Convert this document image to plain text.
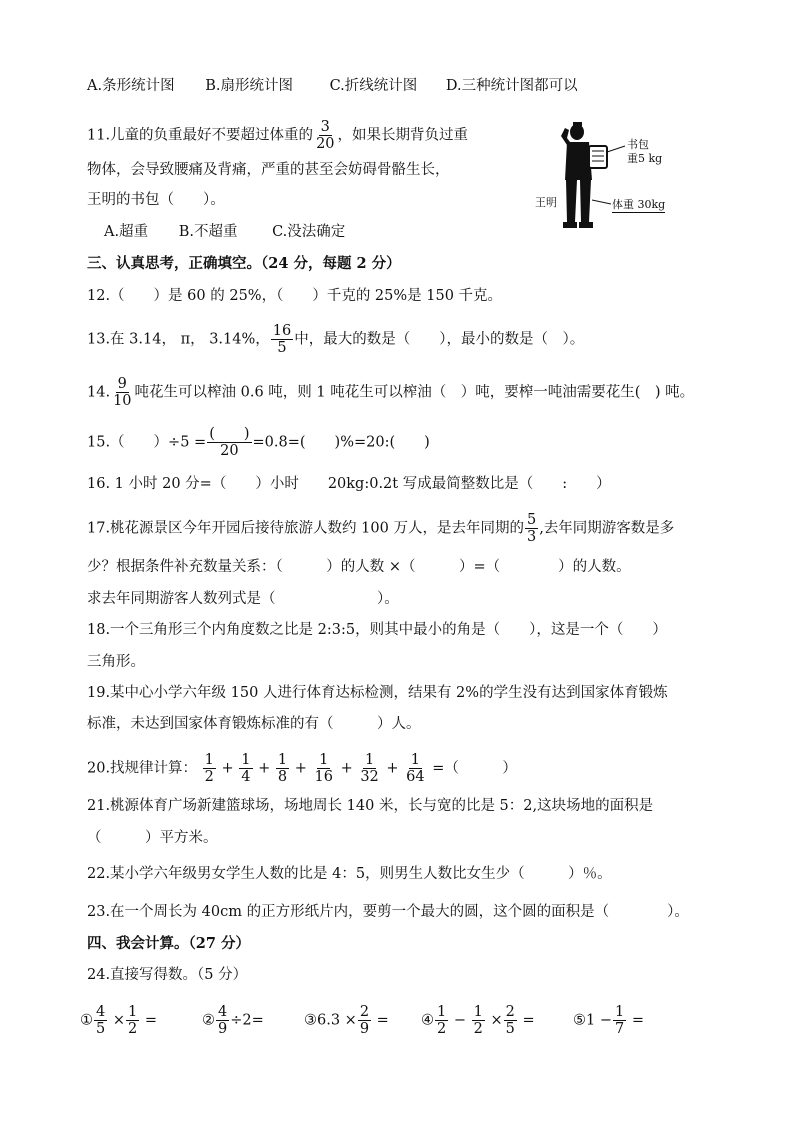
A.条形统计图 B.扇形统计图	C.折线统计图 D.三种统计图都可以
11.儿童的负重最好不要超过体重的 $\frac{3}{20}$ ，如果长期背负过重
物体，会导致腰痛及背痛，严重的甚至会妨碍骨骼生长，
王明的书包（　　）。
A.超重 B.不超重 C.没法确定
书包
重5 kg
王明	体重 30kg
三、认真思考，正确填空。（24 分，每题 2 分）
12.（　　）是 60 的 25%，（　　）千克的 25%是 150 千克。
13.在 3.14， π， 3.14%， $\frac{16}{5}$ 中，最大的数是（　　），最小的数是（　）。
14. $\frac{9}{10}$ 吨花生可以榨油 0.6 吨，则 1 吨花生可以榨油（　）吨，要榨一吨油需要花生(　) 吨。
15.（　　）$\div 5 = \frac{( )}{20} =0.8=$(　　)%=20:(　　)
16. 1 小时 20 分=（　　）小时　　20kg:0.2t 写成最简整数比是（　　:　　）
17.桃花源景区今年开园后接待旅游人数约 100 万人，是去年同期的 $\frac{5}{3}$ ,去年同期游客数是多
少？根据条件补充数量关系：（　　　）的人数 ×（　　　）=（　　　　）的人数。
求去年同期游客人数列式是（　　　　　　　）。
18.一个三角形三个内角度数之比是 2:3:5，则其中最小的角是（　　），这是一个（　　）
三角形。
19.某中心小学六年级 150 人进行体育达标检测，结果有 2%的学生没有达到国家体育锻炼
标准，未达到国家体育锻炼标准的有（　　　）人。
20.找规律计算： $\frac{1}{2} + \frac{1}{4} + \frac{1}{8} + \frac{1}{16} + \frac{1}{32} + \frac{1}{64}$ =（　　　）
21.桃源体育广场新建篮球场，场地周长 140 米，长与宽的比是 5：2,这块场地的面积是
（　　　）平方米。
22.某小学六年级男女学生人数的比是 4：5，则男生人数比女生少（　　　）％。
23.在一个周长为 40cm 的正方形纸片内，要剪一个最大的圆，这个圆的面积是（　　　　）。
四、我会计算。（27 分）
24.直接写得数。（5 分）
① $\frac{4}{5} \times \frac{1}{2}$ =	② $\frac{4}{9} \div 2=$	③6.3 × $\frac{2}{9}$ = ④ $\frac{1}{2} - \frac{1}{2} \times \frac{2}{5}$ =	⑤1 − $\frac{1}{7}$ =
